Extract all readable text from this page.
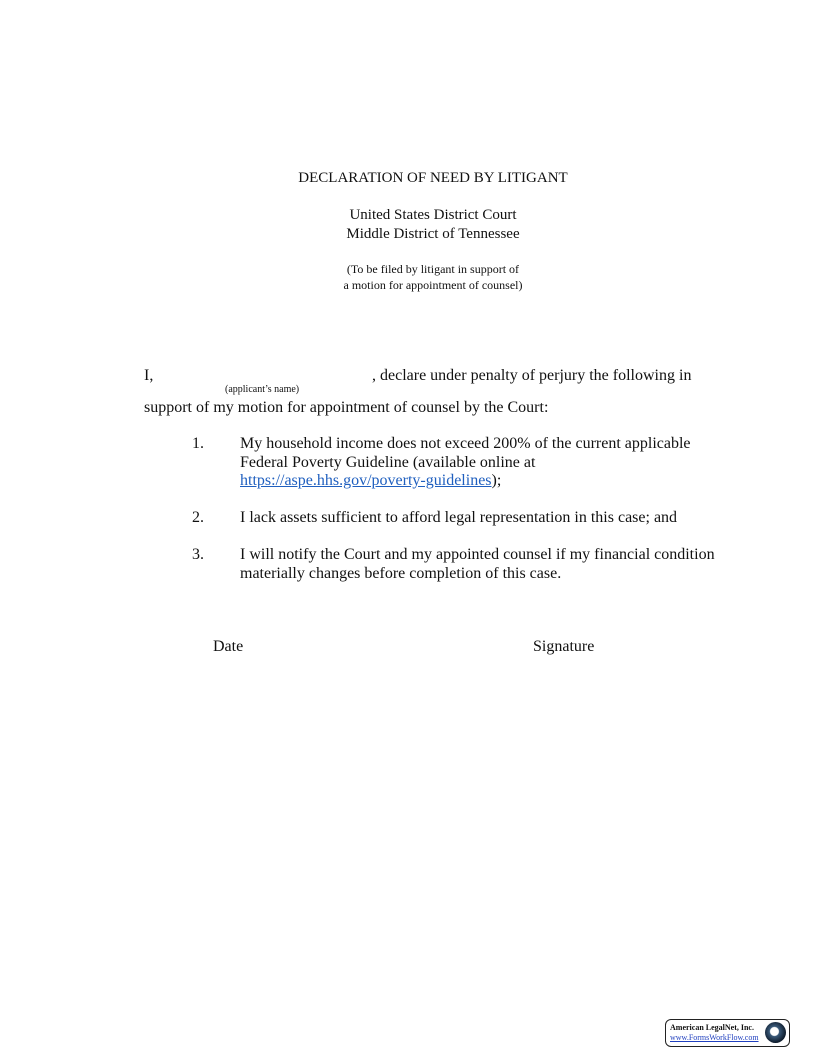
DECLARATION OF NEED BY LITIGANT
United States District Court
Middle District of Tennessee
(To be filed by litigant in support of
a motion for appointment of counsel)
I,	, declare under penalty of perjury the following in
(applicant’s name)
support of my motion for appointment of counsel by the Court:
1. My household income does not exceed 200% of the current applicable
Federal Poverty Guideline (available online at
https://aspe.hhs.gov/poverty-guidelines);
2. I lack assets sufficient to afford legal representation in this case; and
3. I will notify the Court and my appointed counsel if my financial condition
materially changes before completion of this case.
Date	Signature
American LegalNet, Inc.
www.FormsWorkFlow.com
